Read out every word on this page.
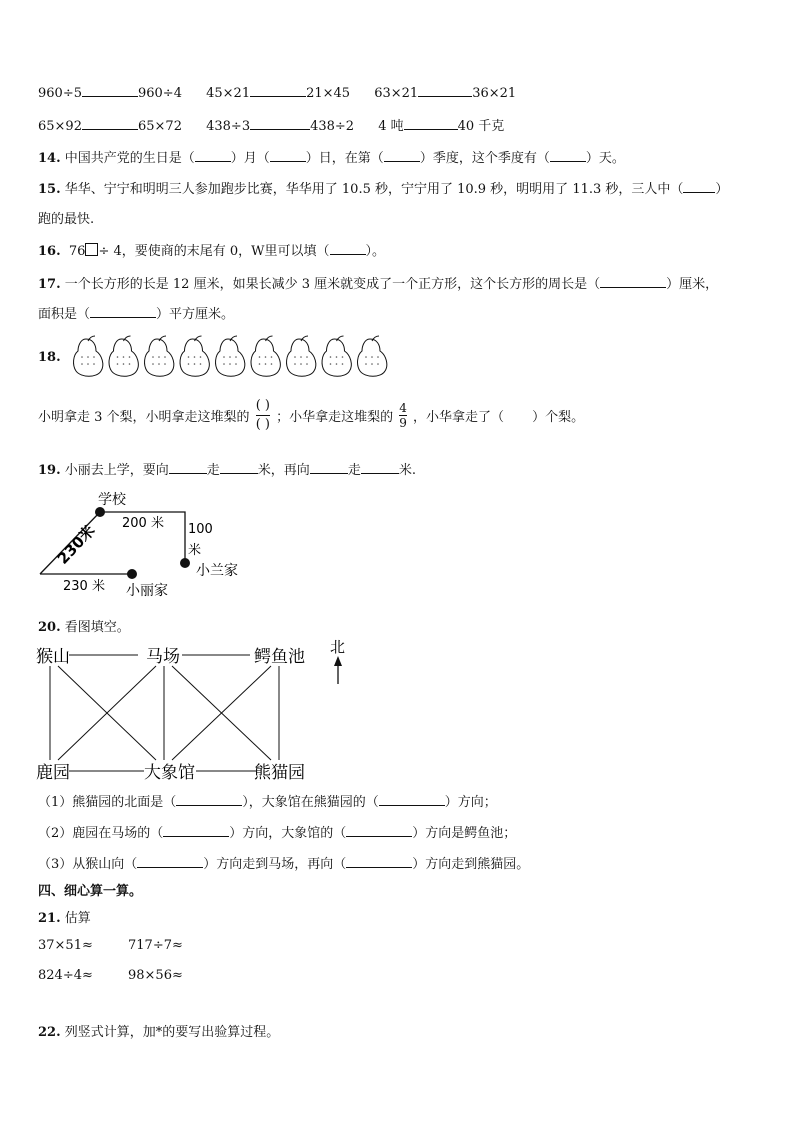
960÷5	960÷4 45×21	21×45 63×21	36×21
65×92	65×72 438÷3	438÷2 4 吨	40 千克
14. 中国共产党的生日是（	）月（	）日，在第（	）季度，这个季度有（	）天。
15. 华华、宁宁和明明三人参加跑步比赛，华华用了 10.5 秒，宁宁用了 10.9 秒，明明用了 11.3 秒，三人中（ ）
跑的最快.
16. 76 ÷ 4，要使商的末尾有 0，W里可以填（	）。
17. 一个长方形的长是 12 厘米，如果长减少 3 厘米就变成了一个正方形，这个长方形的周长是（	）厘米，
面积是（	）平方厘米。
18.
小明拿走 3 个梨，小明拿走这堆梨的 $\frac{( )}{( )}$ ；小华拿走这堆梨的 $\frac{4}{9}$ ，小华拿走了（ ）个梨。
19. 小丽去上学，要向	走	米，再向	走	米.
学校
200 米 100
米
230米
230 米
小兰家
小丽家
20. 看图填空。
猴山	马场	鳄鱼池
鹿园	大象馆	熊猫园
北
（1）熊猫园的北面是（	），大象馆在熊猫园的（	）方向；
（2）鹿园在马场的（	）方向，大象馆的（	）方向是鳄鱼池；
（3）从猴山向（	）方向走到马场，再向（	）方向走到熊猫园。
四、细心算一算。
21. 估算
37×51≈	717÷7≈
824÷4≈	98×56≈
22. 列竖式计算，加*的要写出验算过程。
